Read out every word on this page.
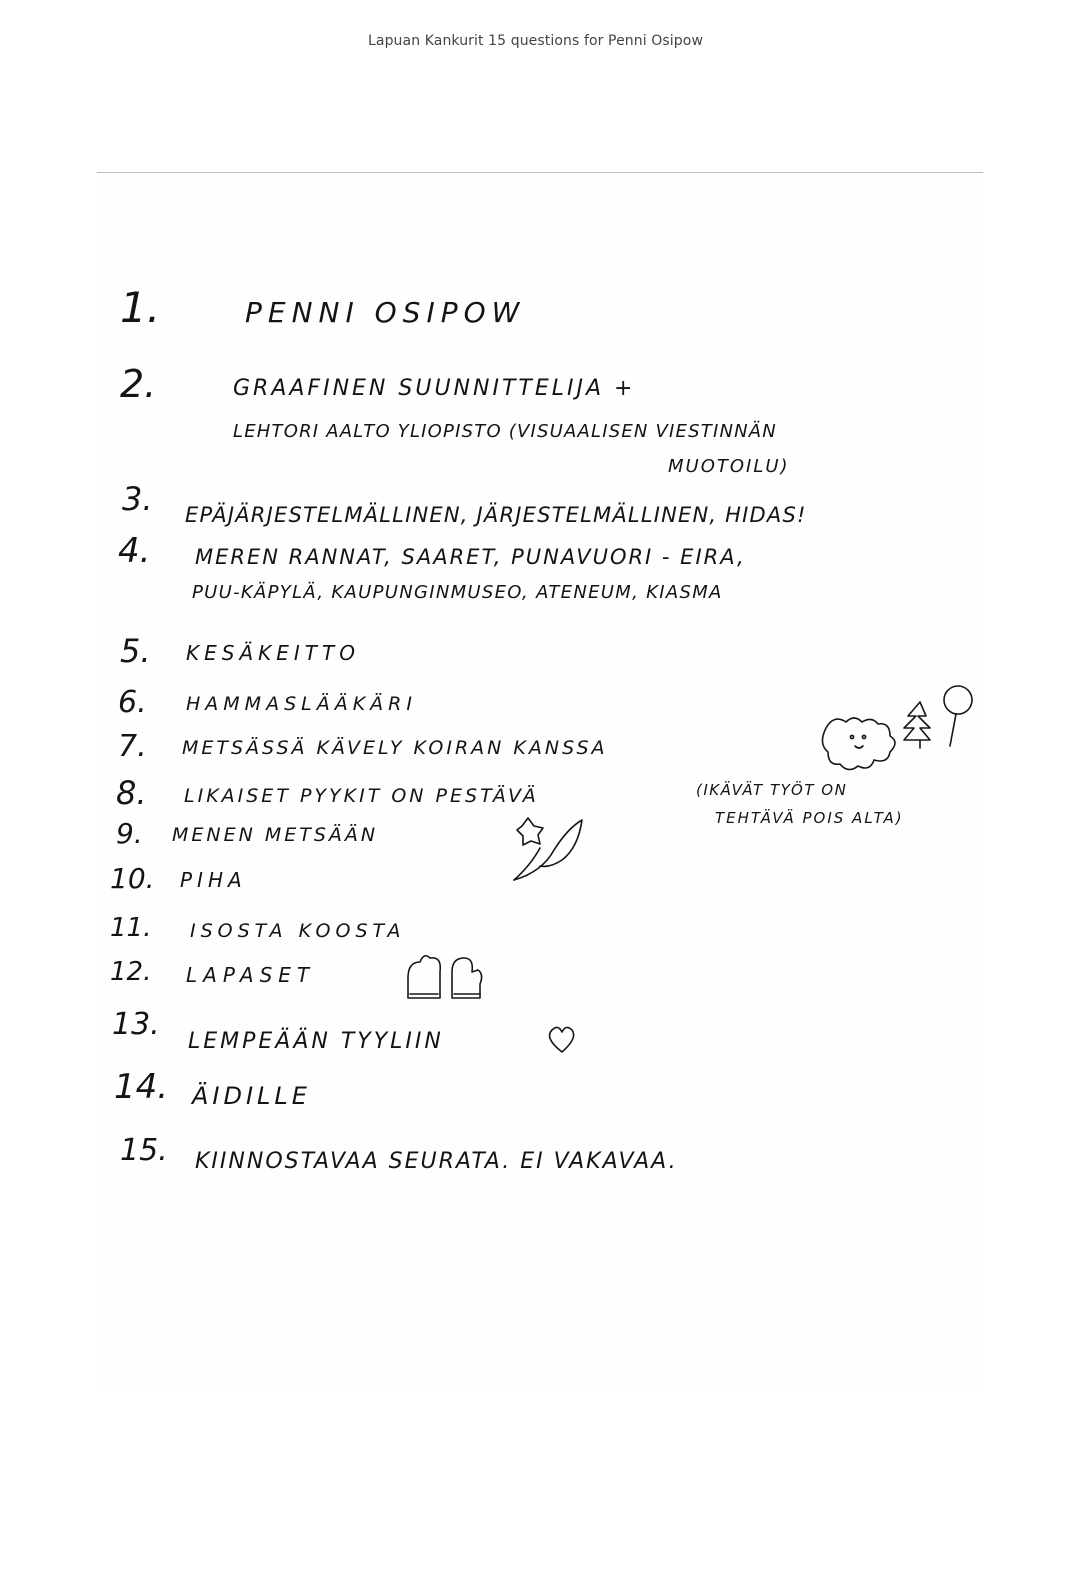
Lapuan Kankurit 15 questions for Penni Osipow
1.	PENNI OSIPOW
2.	GRAAFINEN SUUNNITTELIJA +
LEHTORI AALTO YLIOPISTO (VISUAALISEN VIESTINNÄN
MUOTOILU)
3. EPÄJÄRJESTELMÄLLINEN, JÄRJESTELMÄLLINEN, HIDAS!
4. MEREN RANNAT, SAARET, PUNAVUORI - EIRA,
PUU-KÄPYLÄ, KAUPUNGINMUSEO, ATENEUM, KIASMA
5. KESÄKEITTO
6. HAMMASLÄÄKÄRI
7. METSÄSSÄ KÄVELY KOIRAN KANSSA
8. LIKAISET PYYKIT ON PESTÄVÄ	(IKÄVÄT TYÖT ON
TEHTÄVÄ POIS ALTA)
9. MENEN METSÄÄN
10. PIHA
11. ISOSTA KOOSTA
12. LAPASET
13. LEMPEÄÄN TYYLIIN
14. ÄIDILLE
15. KIINNOSTAVAA SEURATA. EI VAKAVAA.
